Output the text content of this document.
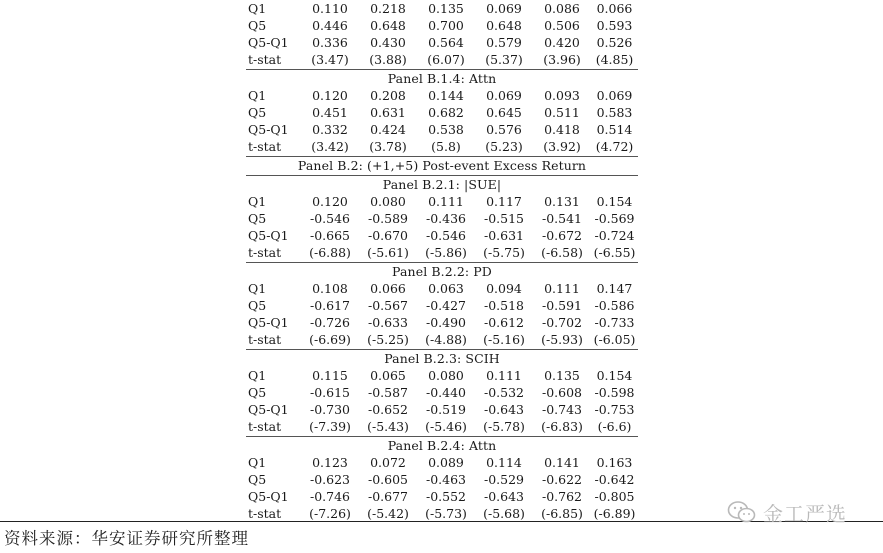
Q1	0.110	0.218	0.135	0.069	0.086	0.066
Q5	0.446	0.648	0.700	0.648	0.506	0.593
Q5-Q1	0.336	0.430	0.564	0.579	0.420	0.526
t-stat	(3.47)	(3.88)	(6.07)	(5.37)	(3.96)	(4.85)
Panel B.1.4: Attn
Q1	0.120	0.208	0.144	0.069	0.093	0.069
Q5	0.451	0.631	0.682	0.645	0.511	0.583
Q5-Q1	0.332	0.424	0.538	0.576	0.418	0.514
t-stat	(3.42)	(3.78)	(5.8)	(5.23)	(3.92)	(4.72)
Panel B.2: (+1,+5) Post-event Excess Return
Panel B.2.1: |SUE|
Q1	0.120	0.080	0.111	0.117	0.131	0.154
Q5	-0.546	-0.589	-0.436	-0.515	-0.541 -0.569
Q5-Q1	-0.665	-0.670	-0.546	-0.631	-0.672 -0.724
t-stat	(-6.88)	(-5.61)	(-5.86)	(-5.75)	(-6.58) (-6.55)
Panel B.2.2: PD
Q1	0.108	0.066	0.063	0.094	0.111	0.147
Q5	-0.617	-0.567	-0.427	-0.518	-0.591 -0.586
Q5-Q1	-0.726	-0.633	-0.490	-0.612	-0.702 -0.733
t-stat	(-6.69)	(-5.25)	(-4.88)	(-5.16)	(-5.93) (-6.05)
Panel B.2.3: SCIH
Q1	0.115	0.065	0.080	0.111	0.135	0.154
Q5	-0.615	-0.587	-0.440	-0.532	-0.608 -0.598
Q5-Q1	-0.730	-0.652	-0.519	-0.643	-0.743 -0.753
t-stat	(-7.39)	(-5.43)	(-5.46)	(-5.78)	(-6.83)	(-6.6)
Panel B.2.4: Attn
Q1	0.123	0.072	0.089	0.114	0.141	0.163
Q5	-0.623	-0.605	-0.463	-0.529	-0.622 -0.642
Q5-Q1	-0.746	-0.677	-0.552	-0.643	-0.762 -0.805
t-stat	(-7.26)	(-5.42)	(-5.73)	(-5.68)	(-6.85) (-6.89)
资料来源：华安证券研究所整理
金工严选
